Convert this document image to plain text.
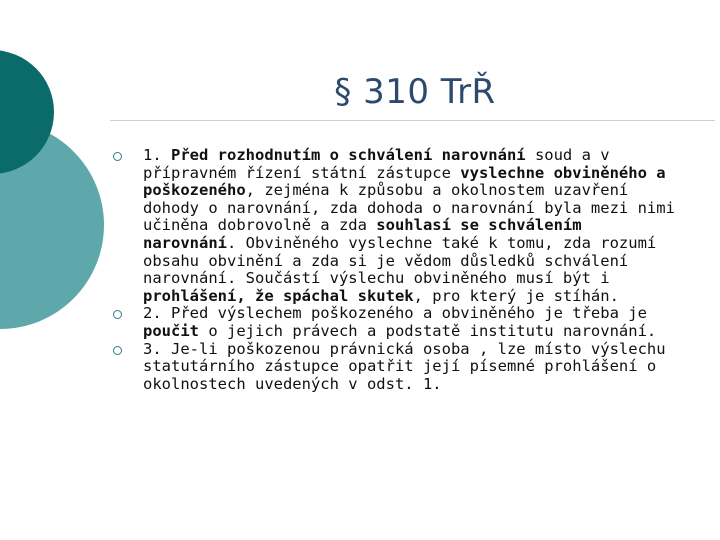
§ 310 TrŘ
1. Před rozhodnutím o schválení narovnání soud a v přípravném řízení státní zástupce vyslechne obviněného a poškozeného, zejména k způsobu a okolnostem uzavření dohody o narovnání, zda dohoda o narovnání byla mezi nimi učiněna dobrovolně a zda souhlasí se schválením narovnání. Obviněného vyslechne také k tomu, zda rozumí obsahu obvinění a zda si je vědom důsledků schválení narovnání. Součástí výslechu obviněného musí být i prohlášení, že spáchal skutek, pro který je stíhán.
2. Před výslechem poškozeného a obviněného je třeba je poučit o jejich právech a podstatě institutu narovnání.
3. Je-li poškozenou právnická osoba , lze místo výslechu statutárního zástupce opatřit její písemné prohlášení o okolnostech uvedených v odst. 1.
